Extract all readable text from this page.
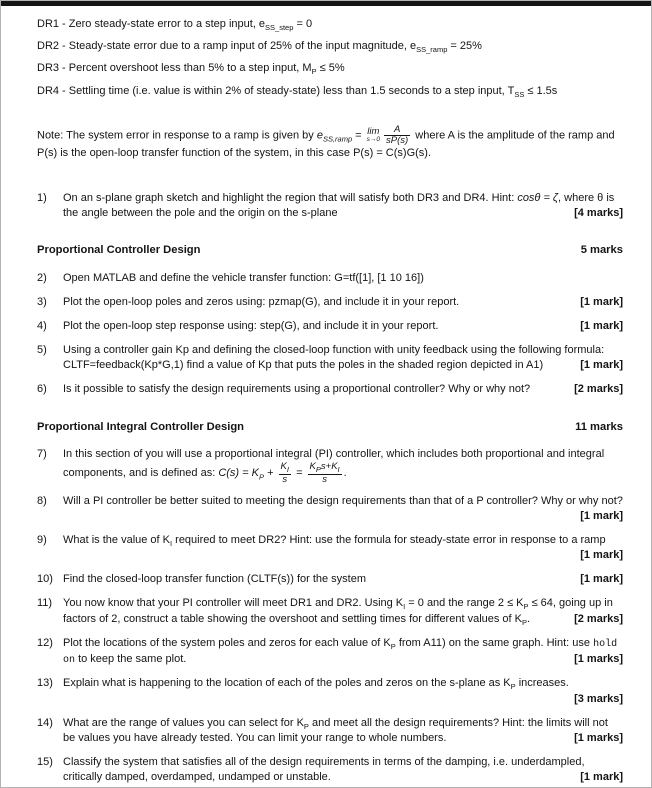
DR1 - Zero steady-state error to a step input, $e_{SS\_step} = 0$
DR2 - Steady-state error due to a ramp input of 25% of the input magnitude, $e_{SS\_ramp} = 25\%$
DR3 - Percent overshoot less than 5% to a step input, $M_P \le 5\%$
DR4 - Settling time (i.e. value is within 2% of steady-state) less than 1.5 seconds to a step input, $T_{SS} \le 1.5s$
Note: The system error in response to a ramp is given by $e_{SS,ramp} = \lim$
$s\to 0 \frac{A}{sP(s)}$ where A is the amplitude of the ramp and P(s) is the open-loop transfer function of the system, in this case P(s) = C(s)G(s).
1)	On an s-plane graph sketch and highlight the region that will satisfy both DR3 and DR4. Hint: cosθ = ζ, where θ is the angle between the pole and the origin on the s-plane	[4 marks]
Proportional Controller Design	5 marks
2)	Open MATLAB and define the vehicle transfer function: G=tf([1], [1 10 16])
3)	Plot the open-loop poles and zeros using: pzmap(G), and include it in your report.	[1 mark]
4)	Plot the open-loop step response using: step(G), and include it in your report.	[1 mark]
5)	Using a controller gain Kp and defining the closed-loop function with unity feedback using the following formula: CLTF=feedback(Kp*G,1) find a value of Kp that puts the poles in the shaded region depicted in A1)	[1 mark]
6)	Is it possible to satisfy the design requirements using a proportional controller? Why or why not?	[2 marks]
Proportional Integral Controller Design	11 marks
7)	In this section of you will use a proportional integral (PI) controller, which includes both proportional and integral components, and is defined as: $C(s) = K_P + \frac{K_I}{s} = \frac{K_Ps+K_I}{s}$ .
8)	Will a PI controller be better suited to meeting the design requirements than that of a P controller? Why or why not?
[1 mark]
9)	What is the value of $K_I$ required to meet DR2? Hint: use the formula for steady-state error in response to a ramp
[1 mark]
10) Find the closed-loop transfer function (CLTF(s)) for the system	[1 mark]
11) You now know that your PI controller will meet DR1 and DR2. Using $K_I = 0$ and the range $2 \le K_P \le 64$, going up in factors of 2, construct a table showing the overshoot and settling times for different values of $K_P$.	[2 marks]
12) Plot the locations of the system poles and zeros for each value of $K_P$ from A11) on the same graph. Hint: use hold on to keep the same plot.	[1 marks]
13) Explain what is happening to the location of each of the poles and zeros on the s-plane as $K_P$ increases.
[3 marks]
14) What are the range of values you can select for $K_P$ and meet all the design requirements? Hint: the limits will not be values you have already tested. You can limit your range to whole numbers.	[1 marks]
15) Classify the system that satisfies all of the design requirements in terms of the damping, i.e. underdampled, critically damped, overdamped, undamped or unstable.	[1 mark]
